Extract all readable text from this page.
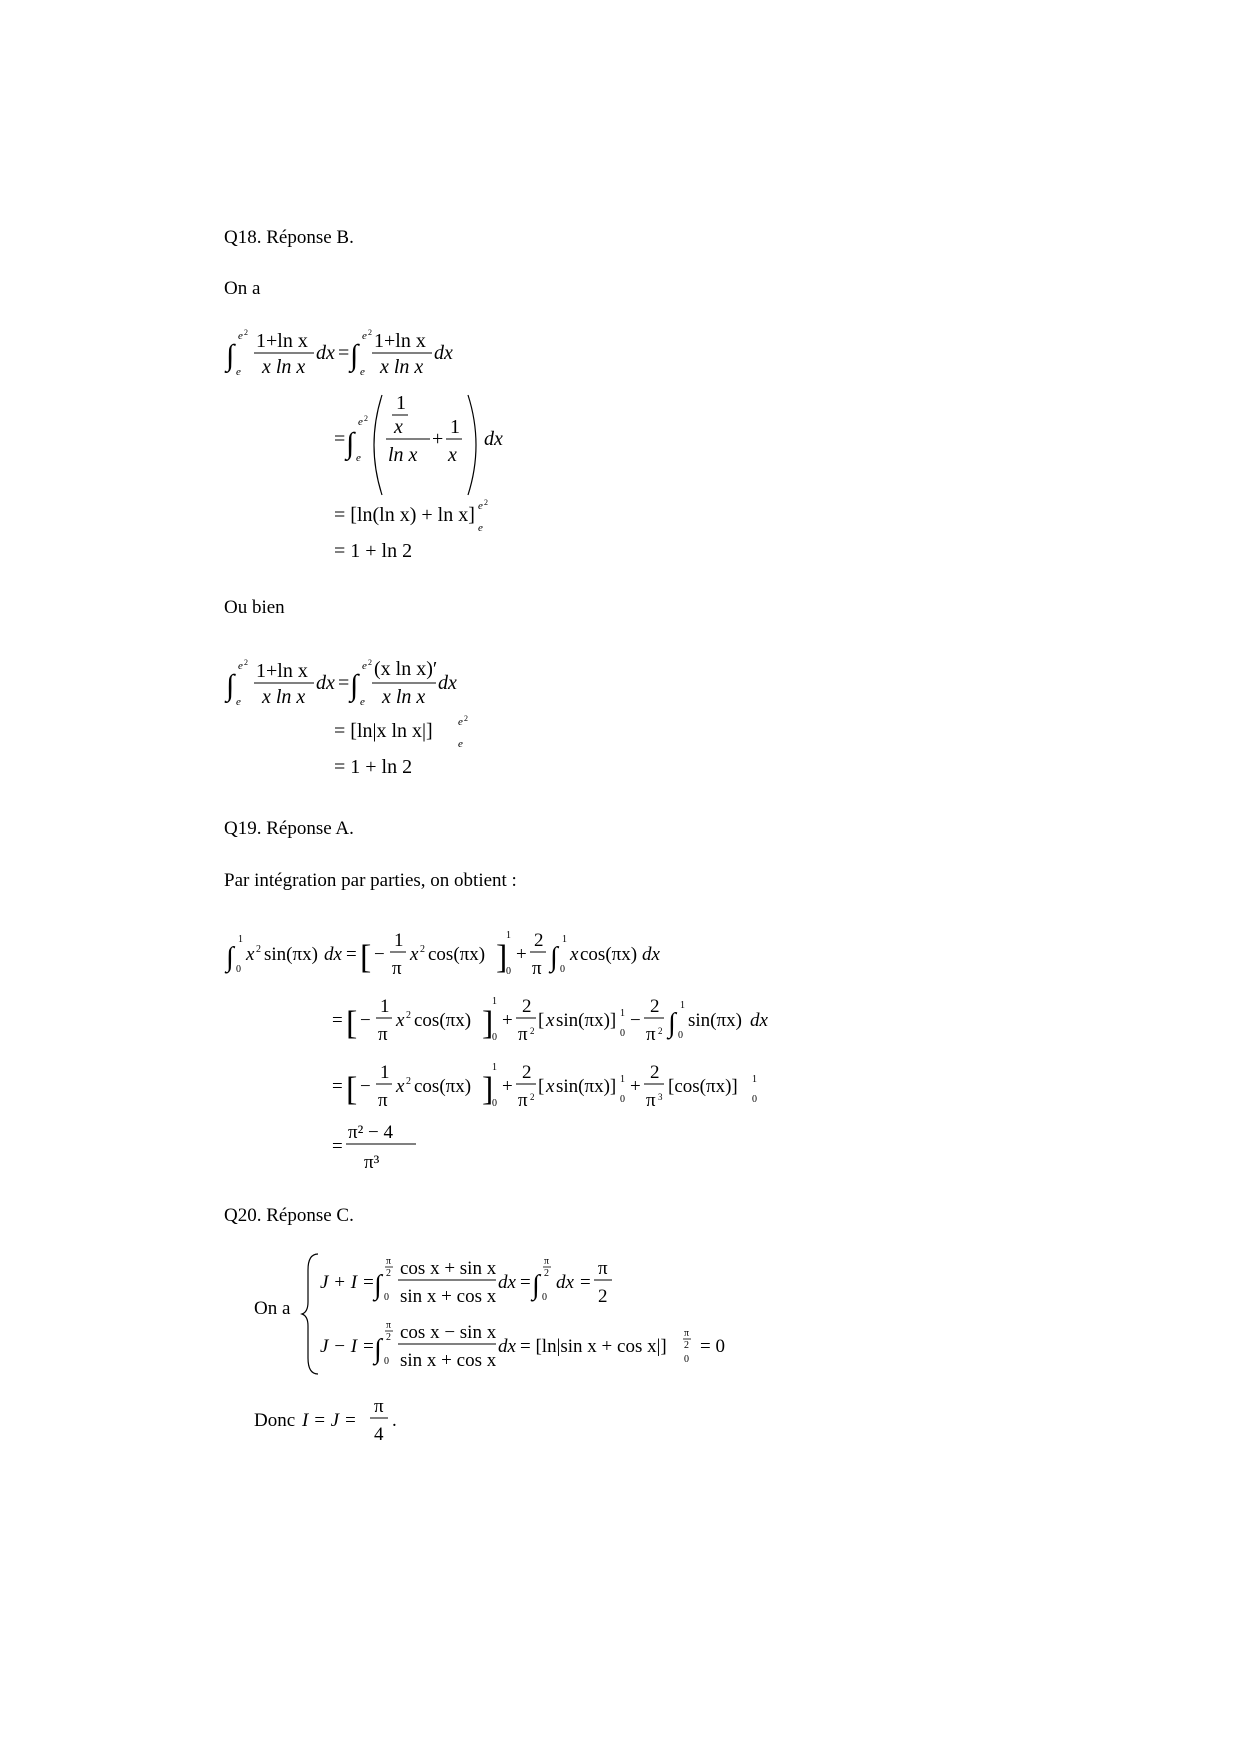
Q18. Réponse B.
On a
∫
e 2
e
1+ln x
x ln x
dx = ∫
e 2
e
1+ln x
x ln x
dx
= ∫
e 2
e
1
x
ln x
+
1
x
dx
= [ln(ln x) + ln x] e 2
e
= 1 + ln 2
Ou bien
∫
e 2
e
1+ln x
x ln x
dx = ∫
e 2
e
(x ln x)′
x ln x
dx
= [ln|x ln x|] e 2
e
= 1 + ln 2
Q19. Réponse A.
Par intégration par parties, on obtient :
∫
1
0
x 2 sin(πx) dx = [ −
1
π
x 2 cos(πx) ]
1
0
+
2
π ∫
1
0
x cos(πx) dx
= [ −
1
π
x 2 cos(πx) ]
1
0
+
2
π 2 [ x sin(πx)] 1
0
−
2
π 2 ∫
1
0
sin(πx) dx
= [ −
1
π
x 2 cos(πx) ]
1
0
+
2
π 2 [ x sin(πx)] 1
0
+
2
π 3 [cos(πx)] 1
0
=
π² − 4
π³
Q20. Réponse C.
On a
J + I = ∫
π
2
0
cos x + sin x
sin x + cos x
dx = ∫
π
2
0
dx =
π
2
J − I = ∫
π
2
0
cos x − sin x
sin x + cos x
dx = [ln|sin x + cos x|]
π
2
0
= 0
Donc I = J =
π
4
.
